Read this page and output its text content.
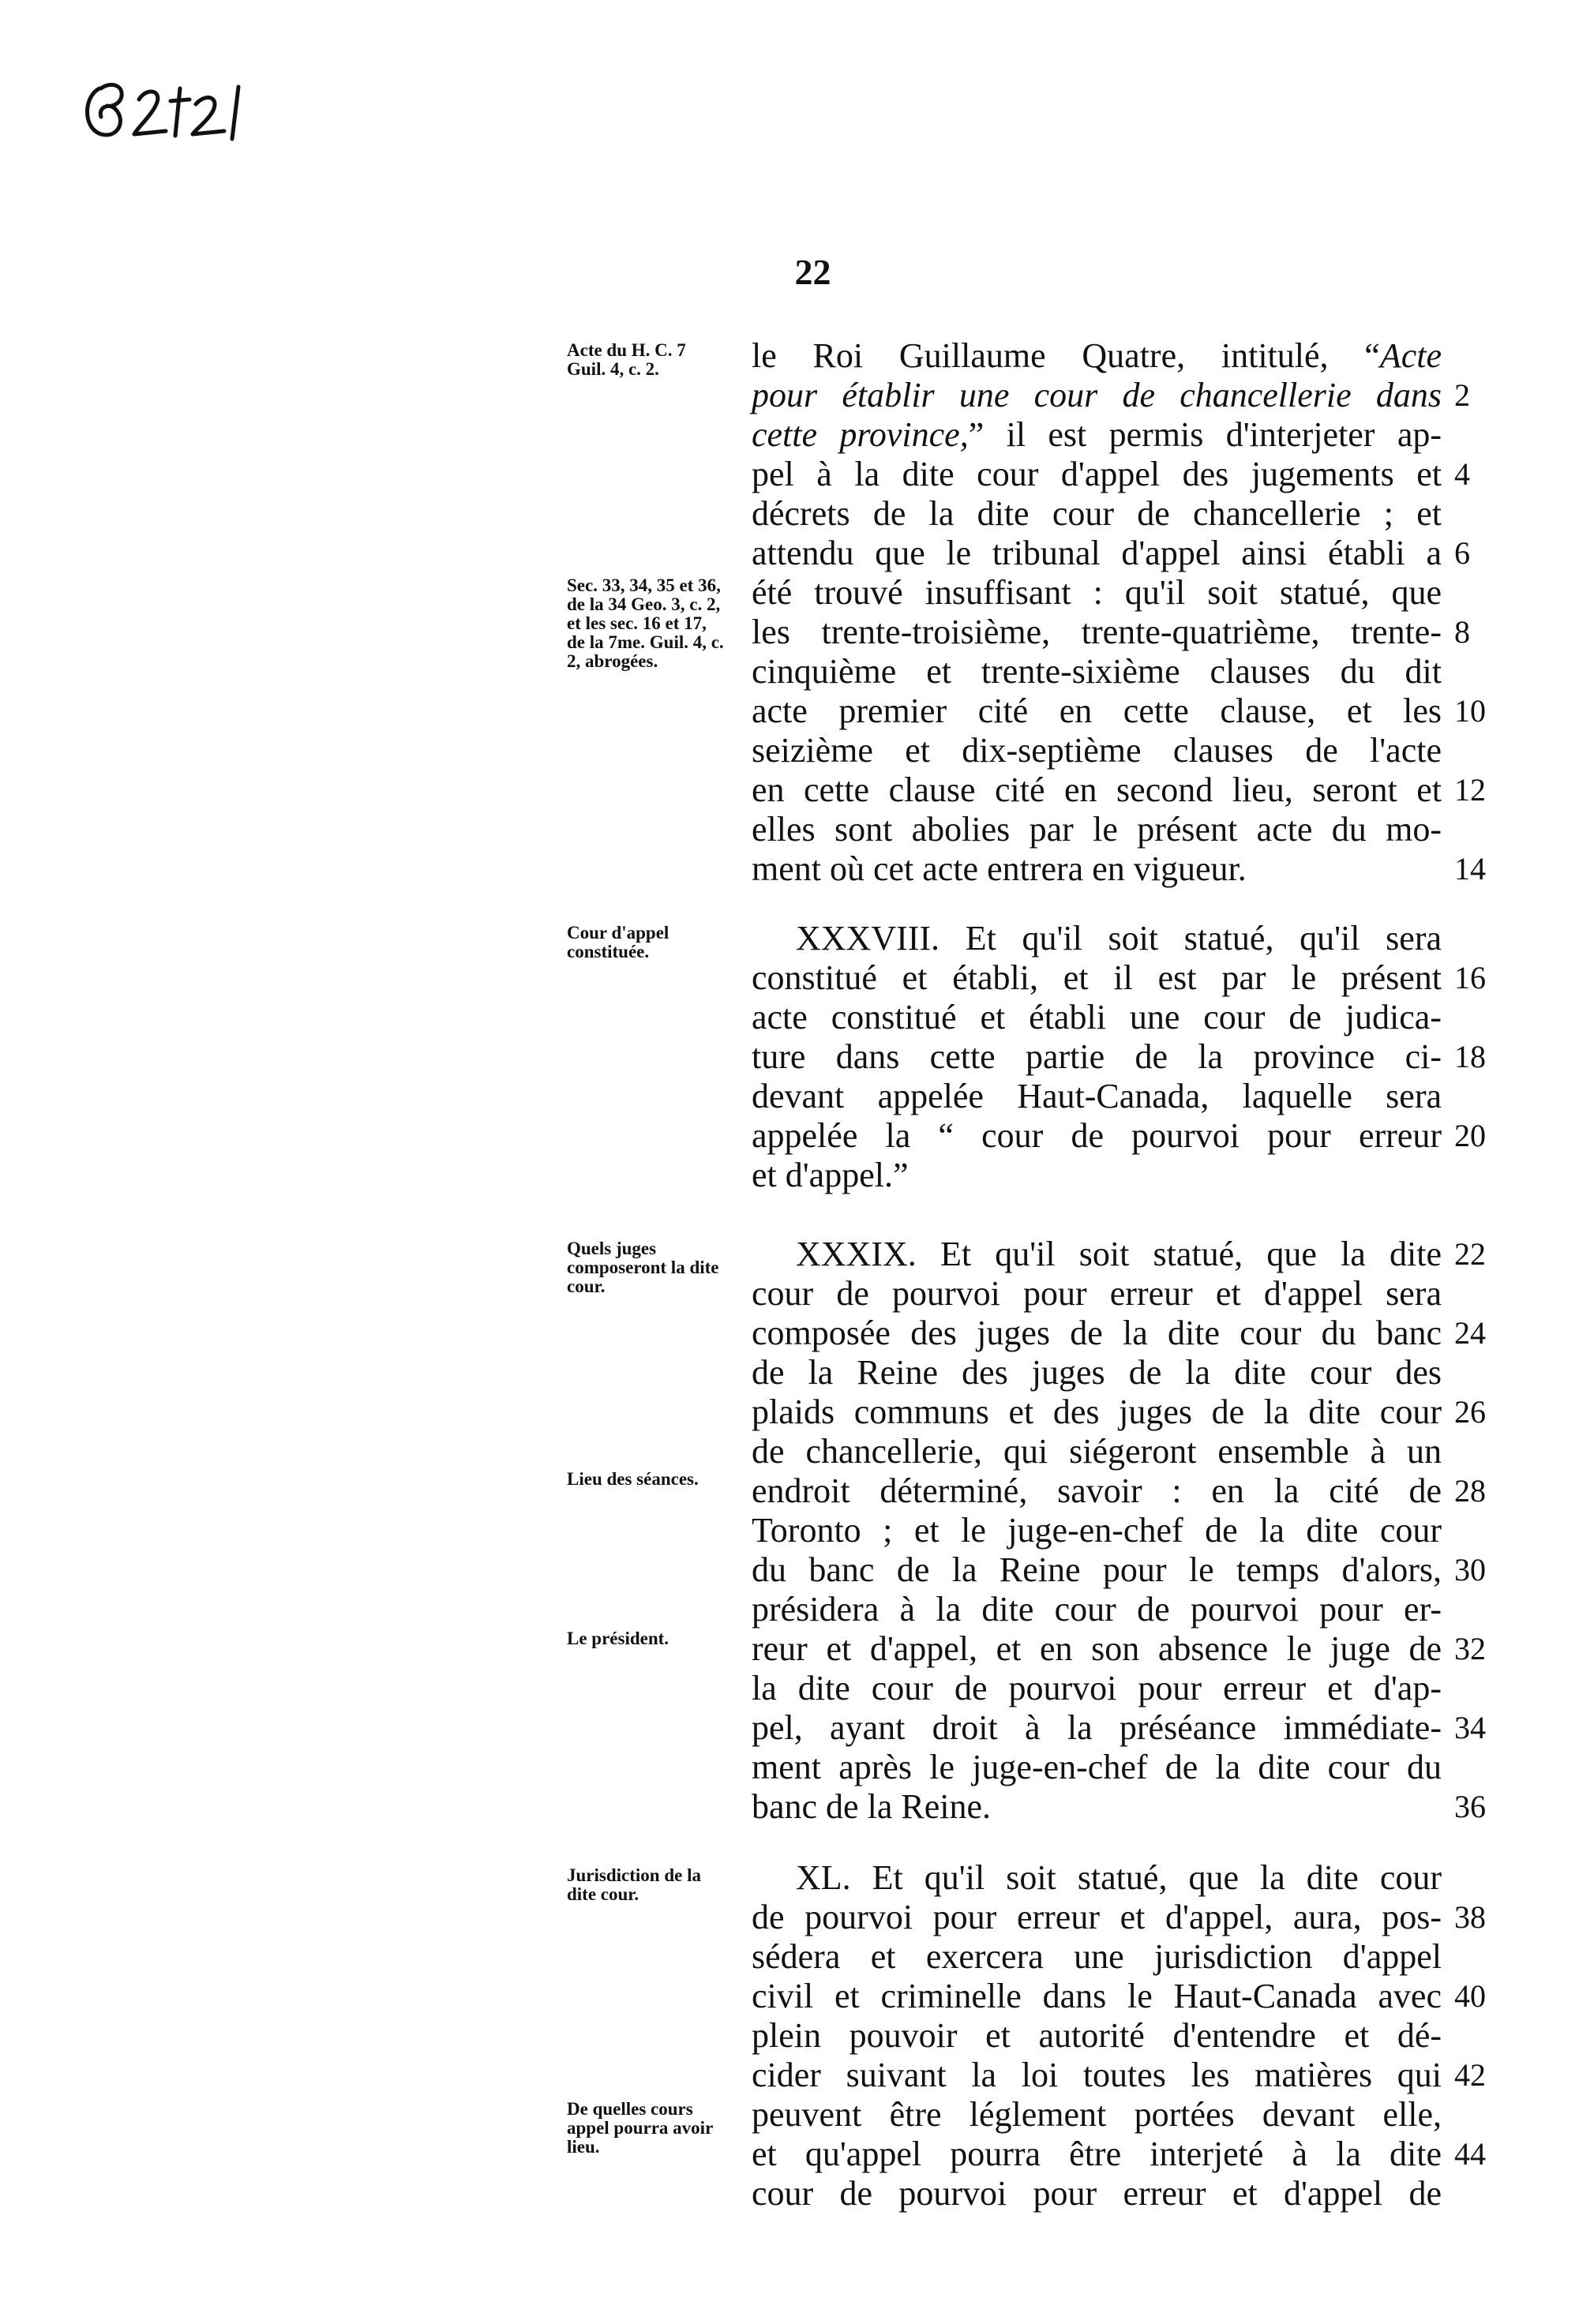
22
Acte du H. C. 7 Guil. 4, c. 2.
Sec. 33, 34, 35 et 36, de la 34 Geo. 3, c. 2, et les sec. 16 et 17, de la 7me. Guil. 4, c. 2, abrogées.
Cour d'appel constituée.
Quels juges composeront la dite cour.
Lieu des séances.
Le président.
Jurisdiction de la dite cour.
De quelles cours appel pourra avoir lieu.
le Roi Guillaume Quatre, intitulé, “Acte
pour établir une cour de chancellerie dans
cette province,” il est permis d'interjeter ap-
pel à la dite cour d'appel des jugements et
décrets de la dite cour de chancellerie ; et
attendu que le tribunal d'appel ainsi établi a
été trouvé insuffisant : qu'il soit statué, que
les trente-troisième, trente-quatrième, trente-
cinquième et trente-sixième clauses du dit
acte premier cité en cette clause, et les
seizième et dix-septième clauses de l'acte
en cette clause cité en second lieu, seront et
elles sont abolies par le présent acte du mo-
ment où cet acte entrera en vigueur.
XXXVIII. Et qu'il soit statué, qu'il sera
constitué et établi, et il est par le présent
acte constitué et établi une cour de judica-
ture dans cette partie de la province ci-
devant appelée Haut-Canada, laquelle sera
appelée la “ cour de pourvoi pour erreur
et d'appel.”
XXXIX. Et qu'il soit statué, que la dite
cour de pourvoi pour erreur et d'appel sera
composée des juges de la dite cour du banc
de la Reine des juges de la dite cour des
plaids communs et des juges de la dite cour
de chancellerie, qui siégeront ensemble à un
endroit déterminé, savoir : en la cité de
Toronto ; et le juge-en-chef de la dite cour
du banc de la Reine pour le temps d'alors,
présidera à la dite cour de pourvoi pour er-
reur et d'appel, et en son absence le juge de
la dite cour de pourvoi pour erreur et d'ap-
pel, ayant droit à la préséance immédiate-
ment après le juge-en-chef de la dite cour du
banc de la Reine.
XL. Et qu'il soit statué, que la dite cour
de pourvoi pour erreur et d'appel, aura, pos-
sédera et exercera une jurisdiction d'appel
civil et criminelle dans le Haut-Canada avec
plein pouvoir et autorité d'entendre et dé-
cider suivant la loi toutes les matières qui
peuvent être léglement portées devant elle,
et qu'appel pourra être interjeté à la dite
cour de pourvoi pour erreur et d'appel de
2
4
6
8
10
12
14
16
18
20
22
24
26
28
30
32
34
36
38
40
42
44
